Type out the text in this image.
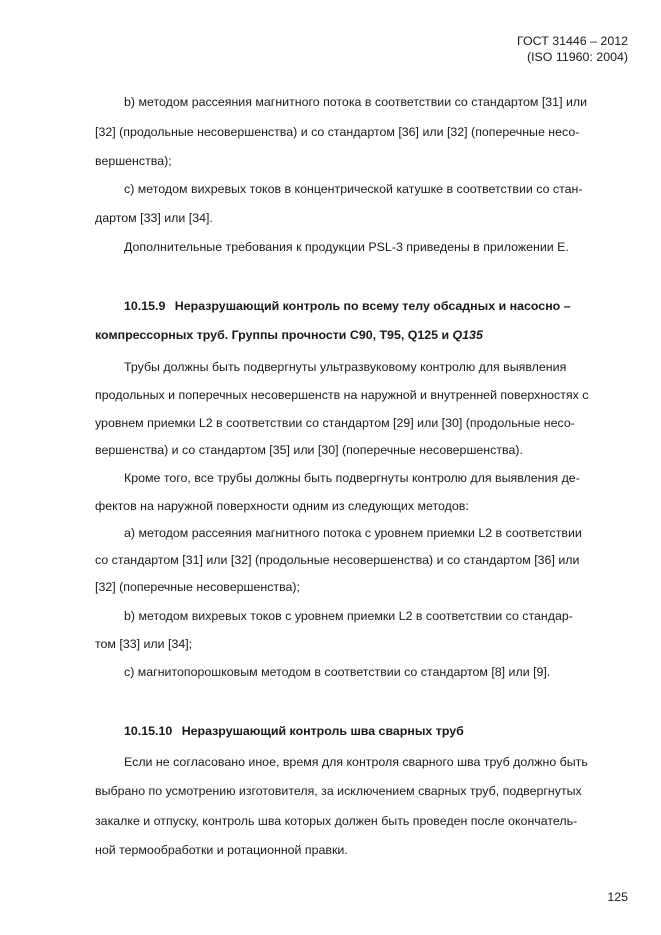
ГОСТ 31446 – 2012
(ISO 11960: 2004)
b) методом рассеяния магнитного потока в соответствии со стандартом [31] или
[32] (продольные несовершенства) и со стандартом [36] или [32] (поперечные несо-
вершенства);
с) методом вихревых токов в концентрической катушке в соответствии со стан-
дартом [33] или [34].
Дополнительные требования к продукции PSL-3 приведены в приложении Е.
10.15.9 Неразрушающий контроль по всему телу обсадных и насосно –
компрессорных труб. Группы прочности С90, Т95, Q125 и Q135
Трубы должны быть подвергнуты ультразвуковому контролю для выявления
продольных и поперечных несовершенств на наружной и внутренней поверхностях с
уровнем приемки L2 в соответствии со стандартом [29] или [30] (продольные несо-
вершенства) и со стандартом [35] или [30] (поперечные несовершенства).
Кроме того, все трубы должны быть подвергнуты контролю для выявления де-
фектов на наружной поверхности одним из следующих методов:
а) методом рассеяния магнитного потока с уровнем приемки L2 в соответствии
со стандартом [31] или [32] (продольные несовершенства) и со стандартом [36] или
[32] (поперечные несовершенства);
b) методом вихревых токов с уровнем приемки L2 в соответствии со стандар-
том [33] или [34];
с) магнитопорошковым методом в соответствии со стандартом [8] или [9].
10.15.10 Неразрушающий контроль шва сварных труб
Если не согласовано иное, время для контроля сварного шва труб должно быть
выбрано по усмотрению изготовителя, за исключением сварных труб, подвергнутых
закалке и отпуску, контроль шва которых должен быть проведен после окончатель-
ной термообработки и ротационной правки.
125
